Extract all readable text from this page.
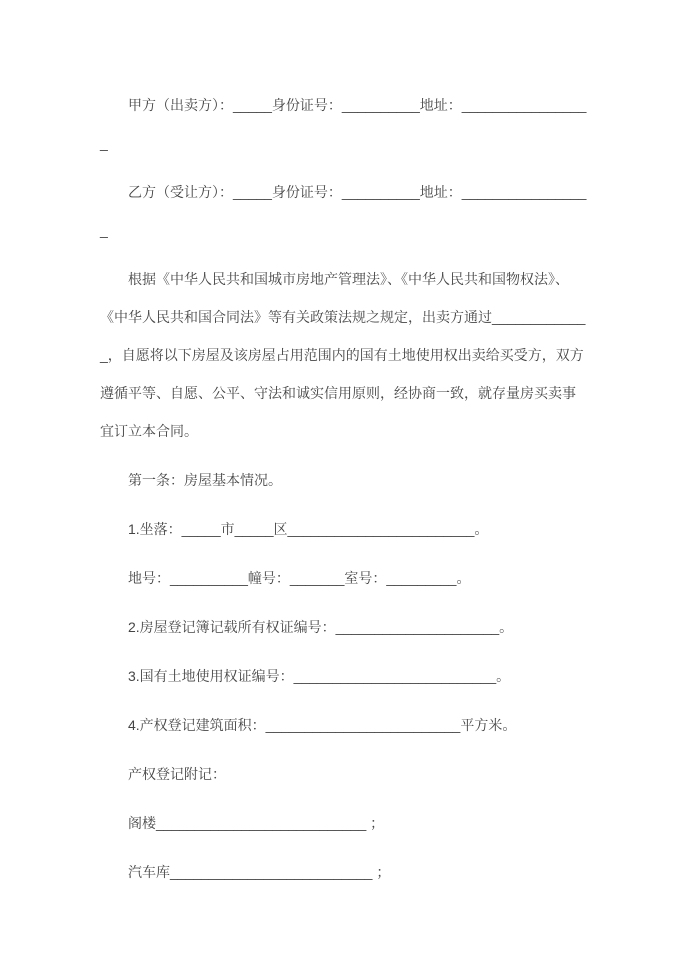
甲方（出卖方）：_____身份证号：__________地址：________________
_

乙方（受让方）：_____身份证号：__________地址：________________
_

根据《中华人民共和国城市房地产管理法》、《中华人民共和国物权法》、《中华人民共和国合同法》等有关政策法规之规定，出卖方通过_____________，自愿将以下房屋及该房屋占用范围内的国有土地使用权出卖给买受方，双方遵循平等、自愿、公平、守法和诚实信用原则，经协商一致，就存量房买卖事宜订立本合同。

第一条：房屋基本情况。

1.坐落：_____市_____区________________________。

地号：__________幢号：_______室号：_________。

2.房屋登记簿记载所有权证编号：_____________________。

3.国有土地使用权证编号：__________________________。

4.产权登记建筑面积：_________________________平方米。

产权登记附记：

阁楼___________________________ ；

汽车库__________________________ ；
